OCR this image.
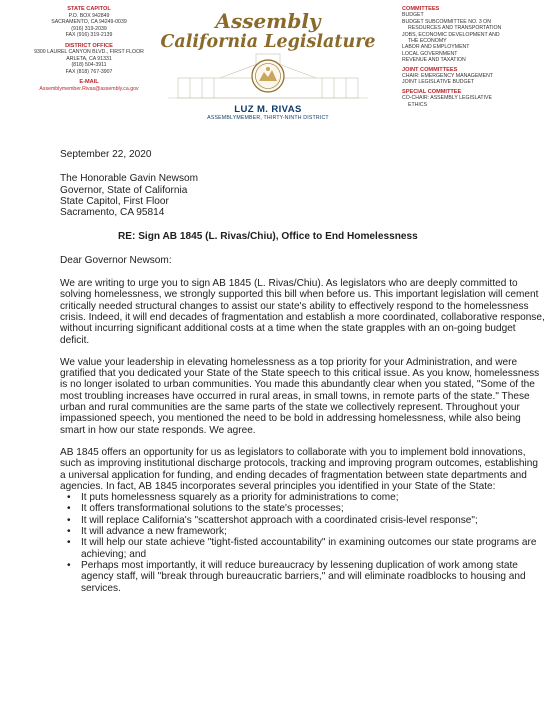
STATE CAPITOL
P.O. BOX 942849
SACRAMENTO, CA 94249-0039
(916) 319-2039
FAX (916) 319-2139
DISTRICT OFFICE
9300 LAUREL CANYON BLVD., FIRST FLOOR
ARLETA, CA 91331
(818) 504-3911
FAX (818) 767-3907
E-MAIL
Assemblymember.Rivas@assembly.ca.gov
Assembly
California Legislature
LUZ M. RIVAS
ASSEMBLYMEMBER, THIRTY-NINTH DISTRICT
COMMITTEES
BUDGET
BUDGET SUBCOMMITTEE NO. 3 ON
RESOURCES AND TRANSPORTATION
JOBS, ECONOMIC DEVELOPMENT AND
THE ECONOMY
LABOR AND EMPLOYMENT
LOCAL GOVERNMENT
REVENUE AND TAXATION
JOINT COMMITTEES
CHAIR: EMERGENCY MANAGEMENT
JOINT LEGISLATIVE BUDGET
SPECIAL COMMITTEE
CO-CHAIR: ASSEMBLY LEGISLATIVE
ETHICS

September 22, 2020

The Honorable Gavin Newsom

Governor, State of California

State Capitol, First Floor

Sacramento, CA 95814

RE: Sign AB 1845 (L. Rivas/Chiu), Office to End Homelessness

Dear Governor Newsom:

We are writing to urge you to sign AB 1845 (L. Rivas/Chiu). As legislators who are deeply committed to solving homelessness, we strongly supported this bill when before us. This important legislation will cement critically needed structural changes to assist our state's ability to effectively respond to the homelessness crisis. Indeed, it will end decades of fragmentation and establish a more coordinated, collaborative response, without incurring significant additional costs at a time when the state grapples with an on-going budget deficit.

We value your leadership in elevating homelessness as a top priority for your Administration, and were gratified that you dedicated your State of the State speech to this critical issue. As you know, homelessness is no longer isolated to urban communities. You made this abundantly clear when you stated, "Some of the most troubling increases have occurred in rural areas, in small towns, in remote parts of the state." These urban and rural communities are the same parts of the state we collectively represent. Throughout your impassioned speech, you mentioned the need to be bold in addressing homelessness, while also being smart in how our state responds. We agree.

AB 1845 offers an opportunity for us as legislators to collaborate with you to implement bold innovations, such as improving institutional discharge protocols, tracking and improving program outcomes, establishing a universal application for funding, and ending decades of fragmentation between state departments and agencies. In fact, AB 1845 incorporates several principles you identified in your State of the State:

• It puts homelessness squarely as a priority for administrations to come;
• It offers transformational solutions to the state's processes;
• It will replace California's "scattershot approach with a coordinated crisis-level response";
• It will advance a new framework;
• It will help our state achieve "tight-fisted accountability" in examining outcomes our state programs are achieving; and
• Perhaps most importantly, it will reduce bureaucracy by lessening duplication of work among state agency staff, will "break through bureaucratic barriers," and will eliminate roadblocks to housing and services.
